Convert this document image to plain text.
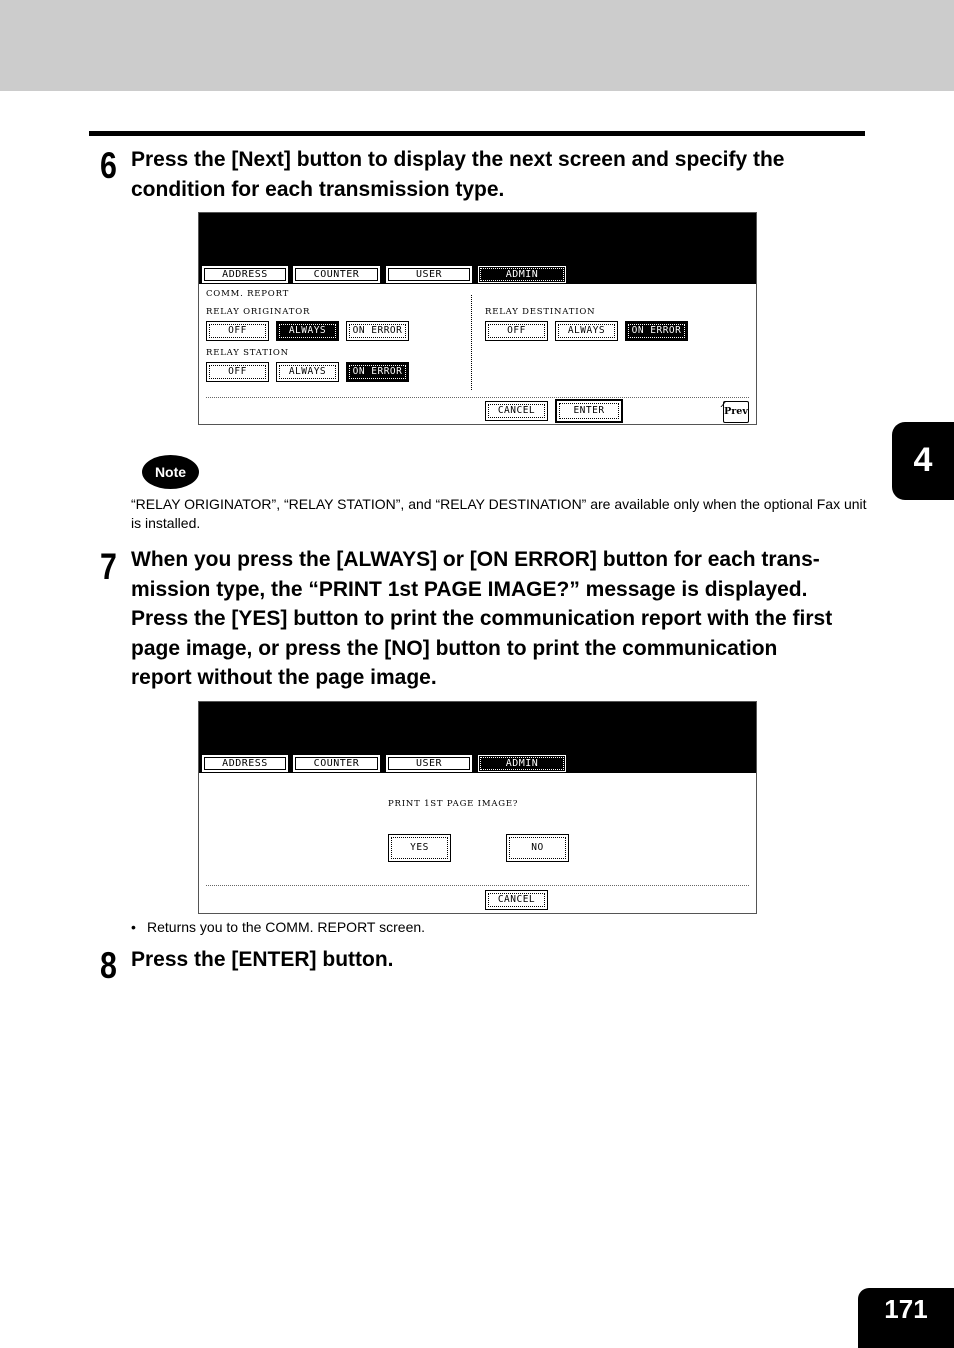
4
6 Press the [Next] button to display the next screen and specify the condition for each transmission type.
ADDRESS	COUNTER	USER	ADMIN
COMM. REPORT
RELAY ORIGINATOR
OFF	ALWAYS	ON ERROR
RELAY STATION
OFF	ALWAYS	ON ERROR
RELAY DESTINATION
OFF	ALWAYS	ON ERROR
CANCEL	ENTER	Prev
Note
“RELAY ORIGINATOR”, “RELAY STATION”, and “RELAY DESTINATION” are available only when the optional Fax unit is installed.
7 When you press the [ALWAYS] or [ON ERROR] button for each trans-
mission type, the “PRINT 1st PAGE IMAGE?” message is displayed.
Press the [YES] button to print the communication report with the first
page image, or press the [NO] button to print the communication
report without the page image.
ADDRESS	COUNTER	USER	ADMIN
PRINT 1ST PAGE IMAGE?
YES	NO
CANCEL
• Returns you to the COMM. REPORT screen.
8 Press the [ENTER] button.
171
